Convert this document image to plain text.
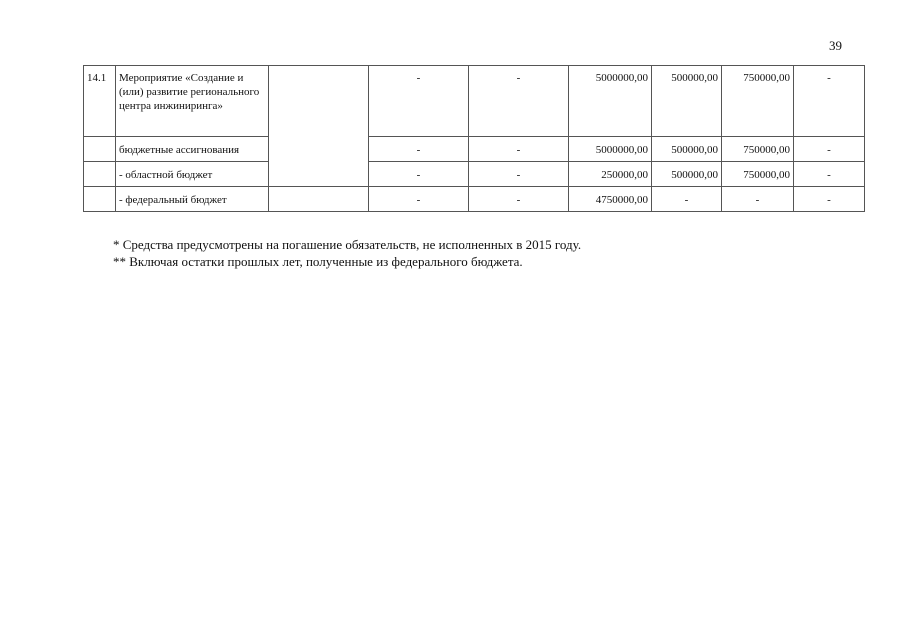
39
14.1	Мероприятие «Создание и (или) развитие регионального центра инжиниринга»		-	-	5000000,00	500000,00	750000,00	-
	бюджетные ассигнования		-	-	5000000,00	500000,00	750000,00	-
	- областной бюджет		-	-	250000,00	500000,00	750000,00	-
	- федеральный бюджет		-	-	4750000,00	-	-	-
* Средства предусмотрены на погашение обязательств, не исполненных в 2015 году.
** Включая остатки прошлых лет, полученные из федерального бюджета.
